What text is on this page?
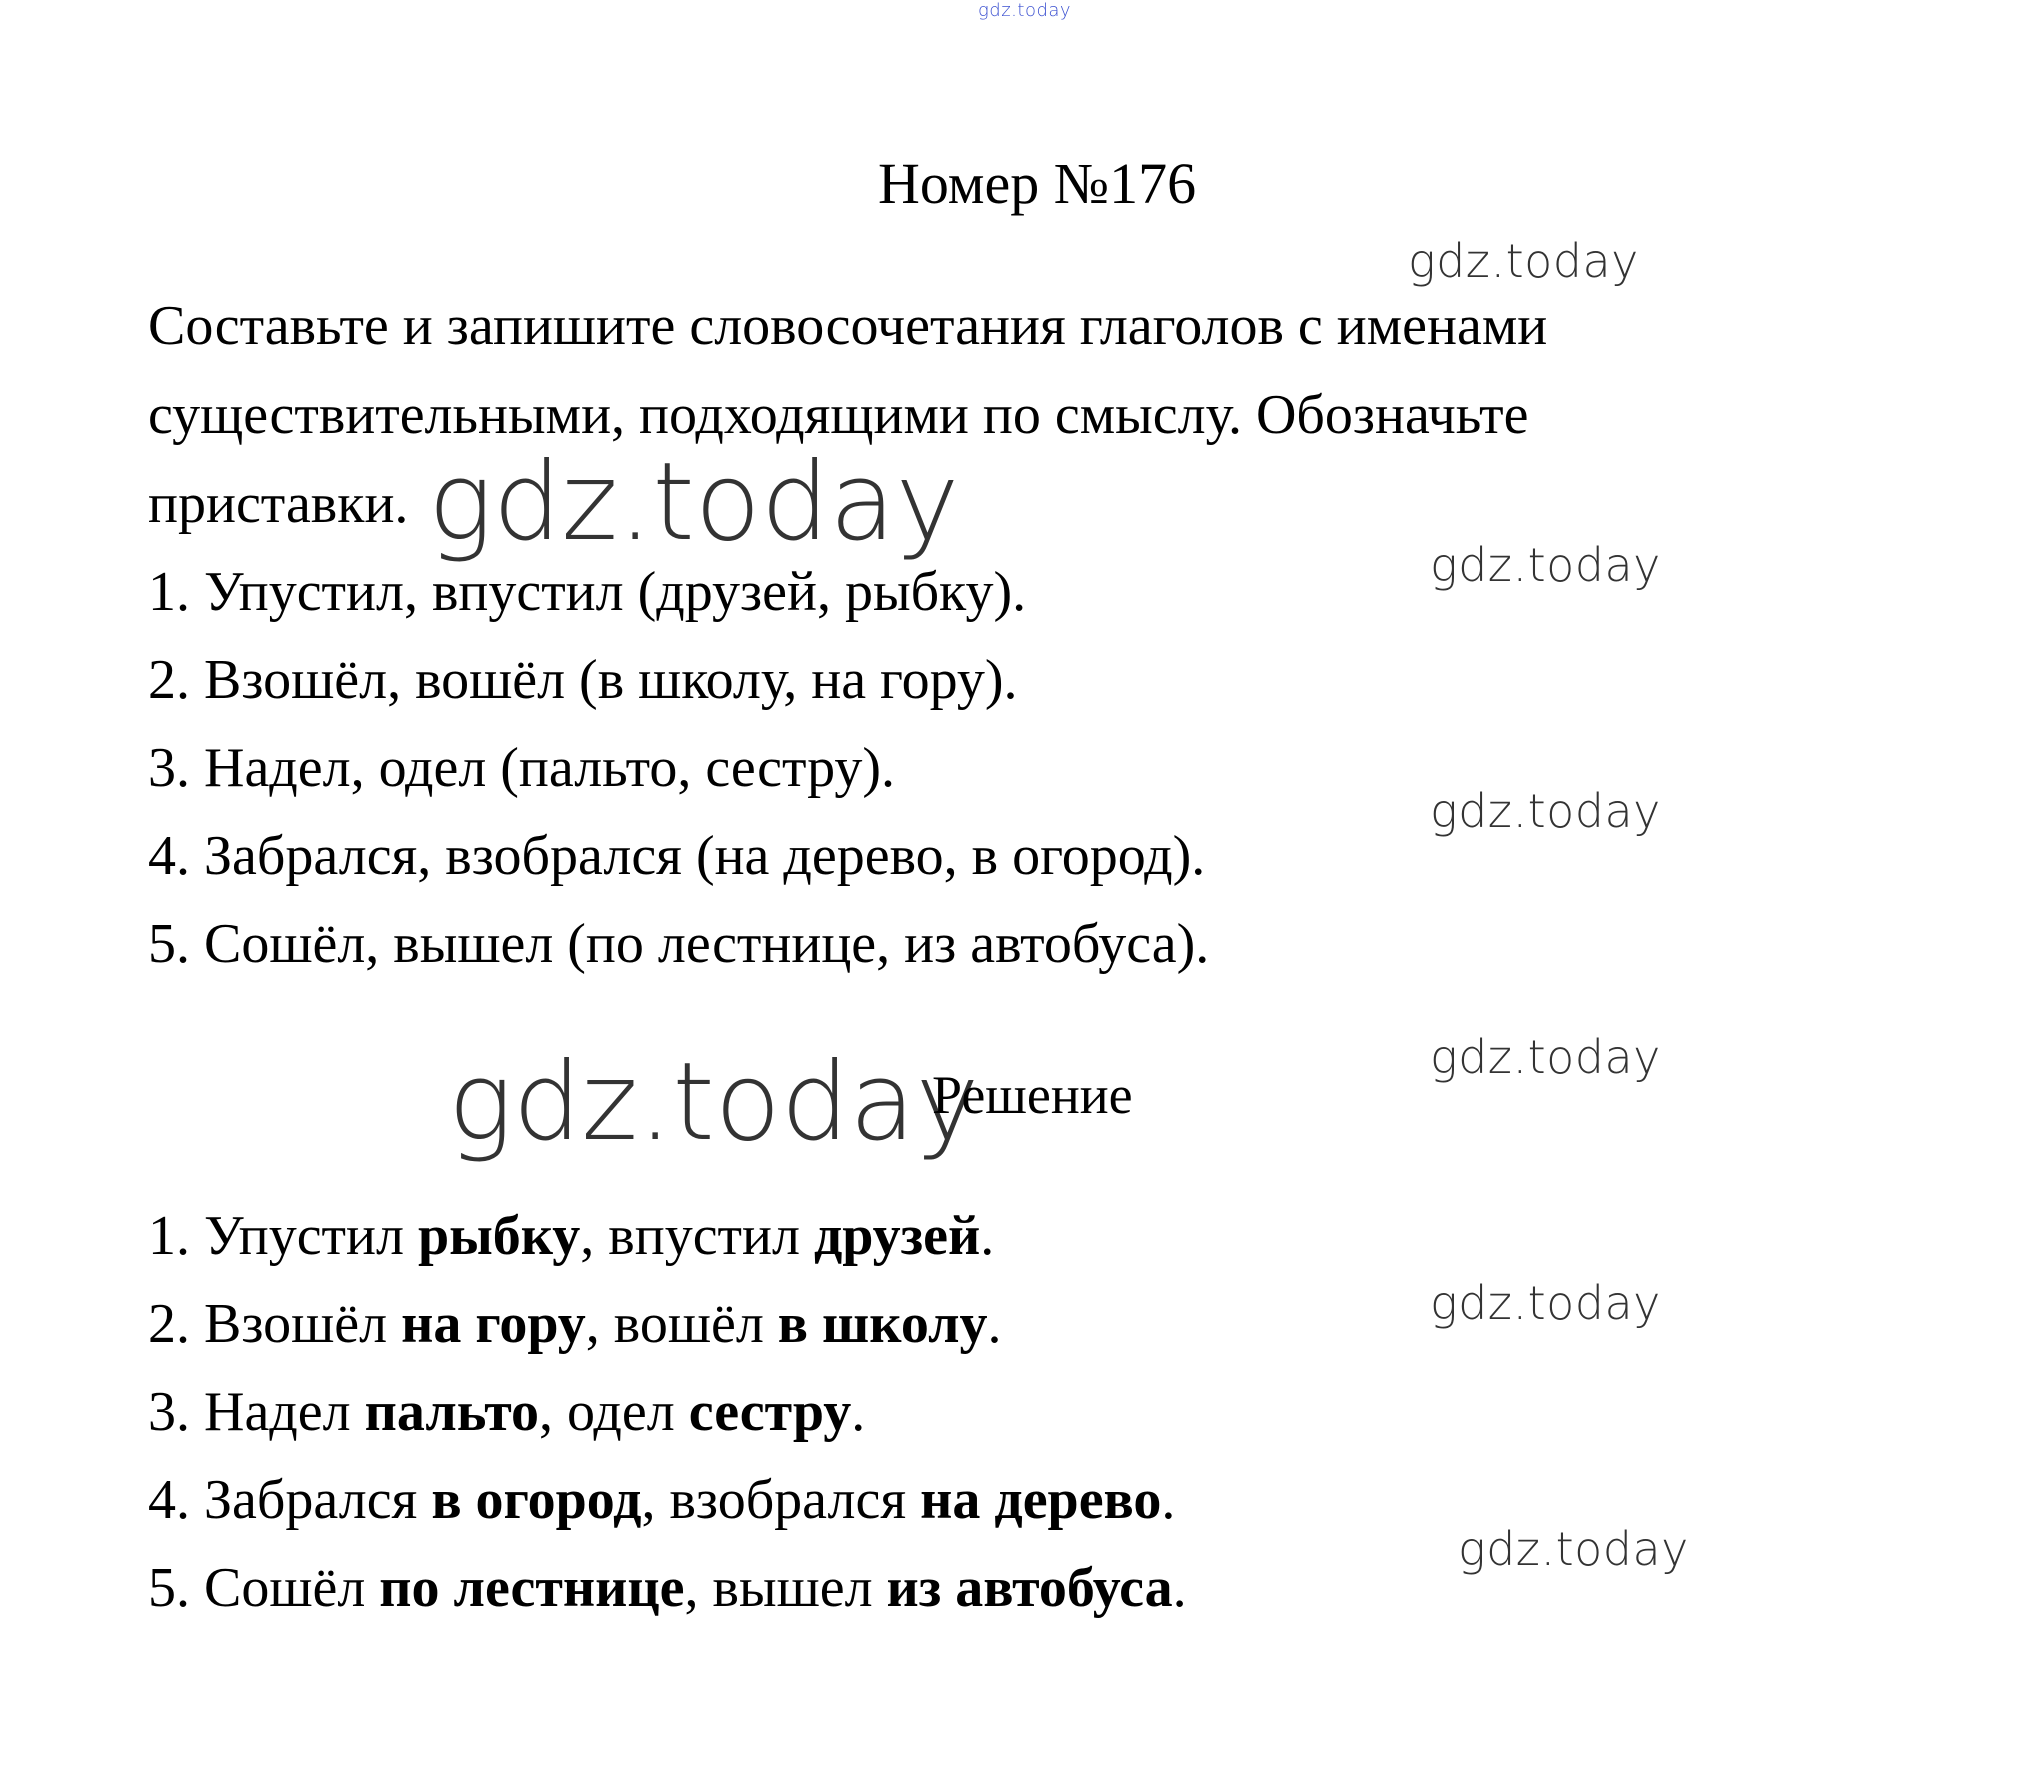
gdz.today
Номер №176
gdz.today
Составьте и запишите словосочетания глаголов с именами
существительными, подходящими по смыслу. Обозначьте
приставки. gdz.today	gdz.today
1. Упустил, впустил (друзей, рыбку).
2. Взошёл, вошёл (в школу, на гору).
3. Надел, одел (пальто, сестру).
4. Забрался, взобрался (на дерево, в огород).
5. Сошёл, вышел (по лестнице, из автобуса).
gdz.today
gdz.today
gdz.today
Решение
1. Упустил рыбку, впустил друзей.
2. Взошёл на гору, вошёл в школу.
3. Надел пальто, одел сестру.
4. Забрался в огород, взобрался на дерево.
5. Сошёл по лестнице, вышел из автобуса.
gdz.today
gdz.today
